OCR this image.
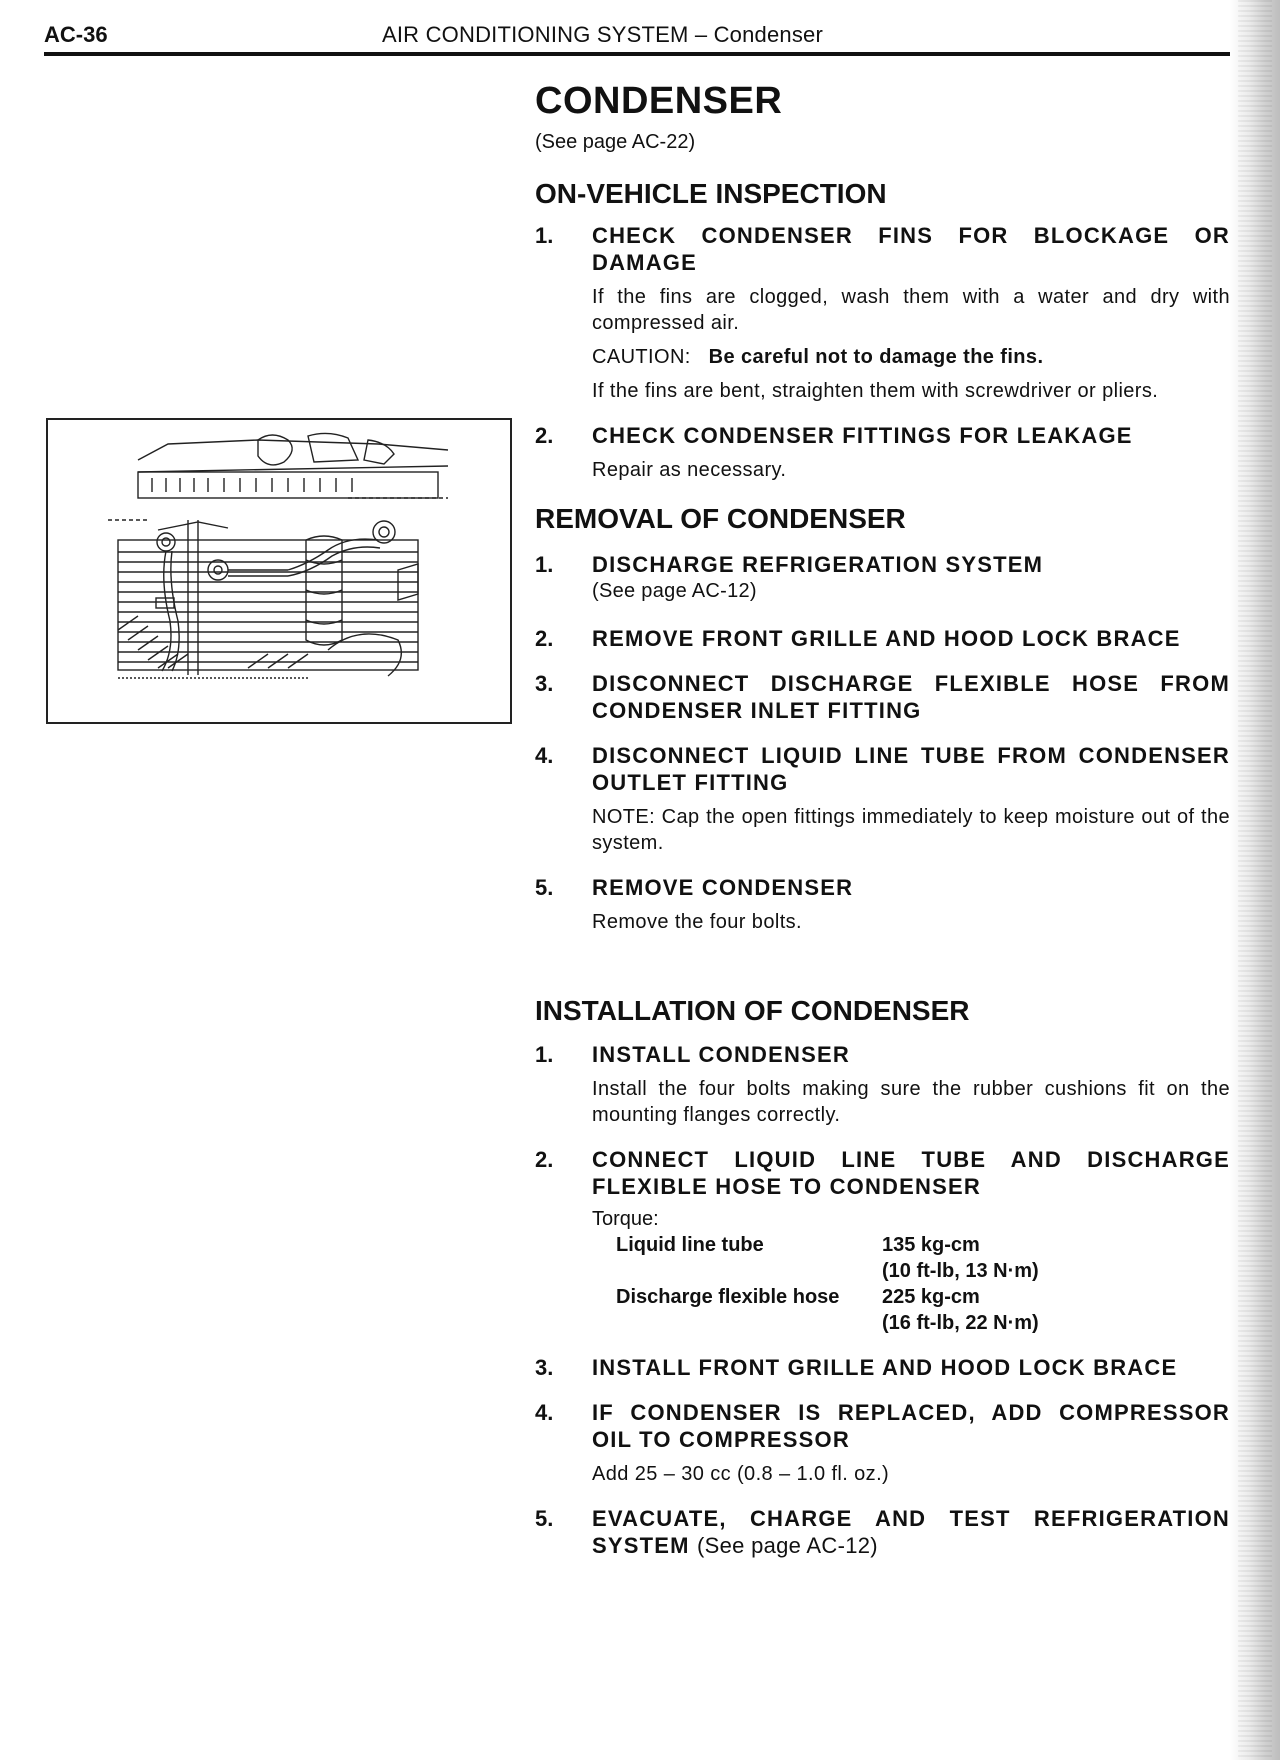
AC-36	AIR CONDITIONING SYSTEM – Condenser
CONDENSER
(See page AC-22)
ON-VEHICLE INSPECTION
1. CHECK CONDENSER FINS FOR BLOCKAGE OR DAMAGE
If the fins are clogged, wash them with a water and dry with compressed air.
CAUTION: Be careful not to damage the fins.
If the fins are bent, straighten them with screwdriver or pliers.
2. CHECK CONDENSER FITTINGS FOR LEAKAGE
Repair as necessary.
REMOVAL OF CONDENSER
1. DISCHARGE REFRIGERATION SYSTEM
(See page AC-12)
2. REMOVE FRONT GRILLE AND HOOD LOCK BRACE
3. DISCONNECT DISCHARGE FLEXIBLE HOSE FROM CONDENSER INLET FITTING
4. DISCONNECT LIQUID LINE TUBE FROM CONDENSER OUTLET FITTING
NOTE: Cap the open fittings immediately to keep moisture out of the system.
5. REMOVE CONDENSER
Remove the four bolts.
INSTALLATION OF CONDENSER
1. INSTALL CONDENSER
Install the four bolts making sure the rubber cushions fit on the mounting flanges correctly.
2. CONNECT LIQUID LINE TUBE AND DISCHARGE FLEXIBLE HOSE TO CONDENSER
Torque:
Liquid line tube	135 kg-cm
	(10 ft-lb, 13 N·m)
Discharge flexible hose	225 kg-cm
	(16 ft-lb, 22 N·m)
3. INSTALL FRONT GRILLE AND HOOD LOCK BRACE
4. IF CONDENSER IS REPLACED, ADD COMPRESSOR OIL TO COMPRESSOR
Add 25 – 30 cc (0.8 – 1.0 fl. oz.)
5. EVACUATE, CHARGE AND TEST REFRIGERATION SYSTEM (See page AC-12)
